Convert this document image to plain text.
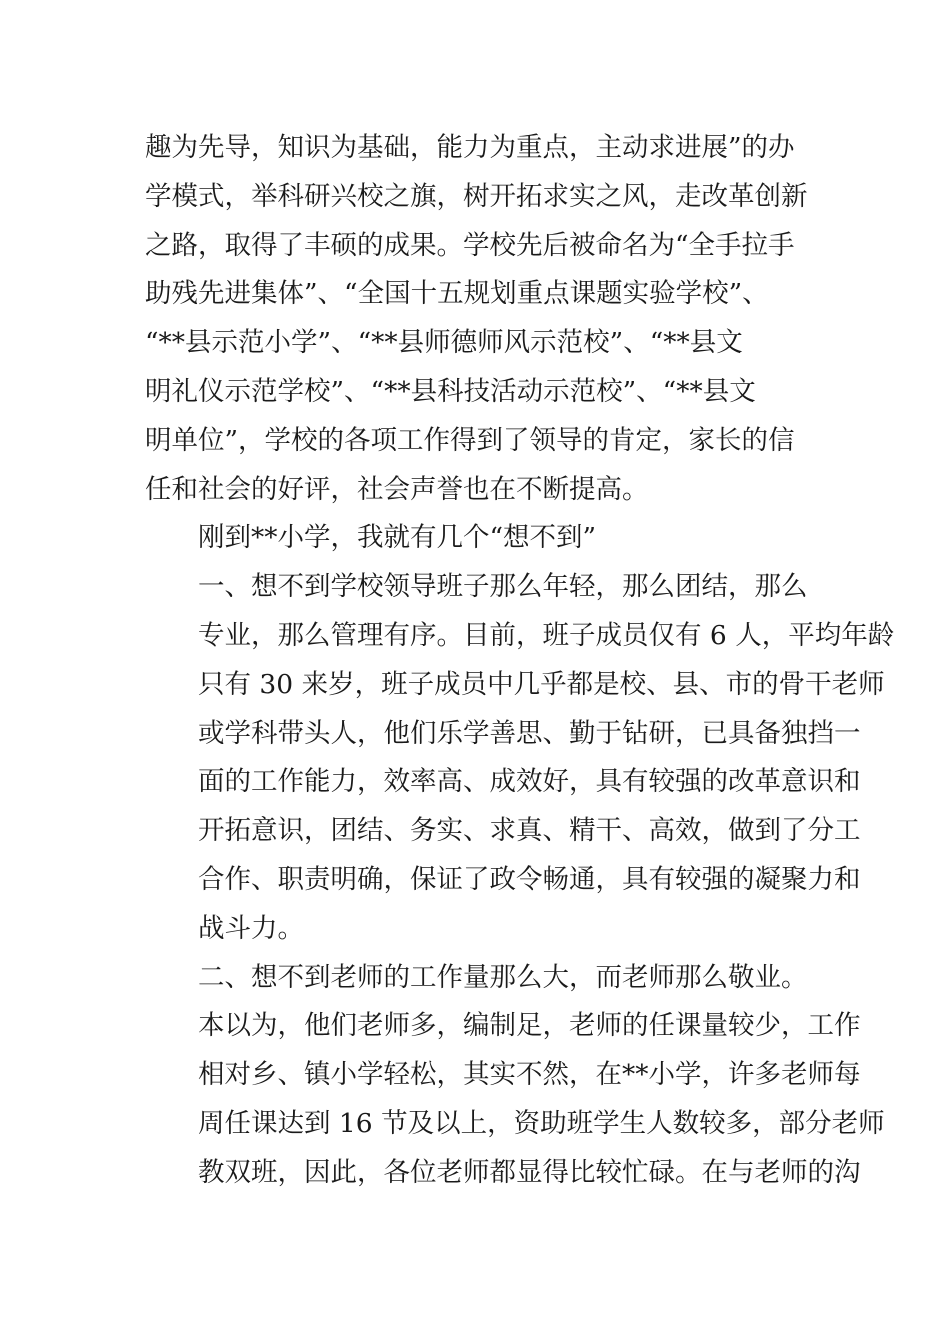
趣为先导，知识为基础，能力为重点，主动求进展”的办
学模式，举科研兴校之旗，树开拓求实之风，走改革创新
之路，取得了丰硕的成果。学校先后被命名为“全手拉手
助残先进集体”、“全国十五规划重点课题实验学校”、
“**县示范小学”、“**县师德师风示范校”、“**县文
明礼仪示范学校”、“**县科技活动示范校”、“**县文
明单位”，学校的各项工作得到了领导的肯定，家长的信
任和社会的好评，社会声誉也在不断提高。

刚到**小学，我就有几个“想不到”

一、想不到学校领导班子那么年轻，那么团结，那么
专业，那么管理有序。目前，班子成员仅有 6 人，平均年龄
只有 30 来岁，班子成员中几乎都是校、县、市的骨干老师
或学科带头人，他们乐学善思、勤于钻研，已具备独挡一
面的工作能力，效率高、成效好，具有较强的改革意识和
开拓意识，团结、务实、求真、精干、高效，做到了分工
合作、职责明确，保证了政令畅通，具有较强的凝聚力和
战斗力。

二、想不到老师的工作量那么大，而老师那么敬业。
本以为，他们老师多，编制足，老师的任课量较少，工作
相对乡、镇小学轻松，其实不然，在**小学，许多老师每
周任课达到 16 节及以上，资助班学生人数较多，部分老师
教双班，因此，各位老师都显得比较忙碌。在与老师的沟
